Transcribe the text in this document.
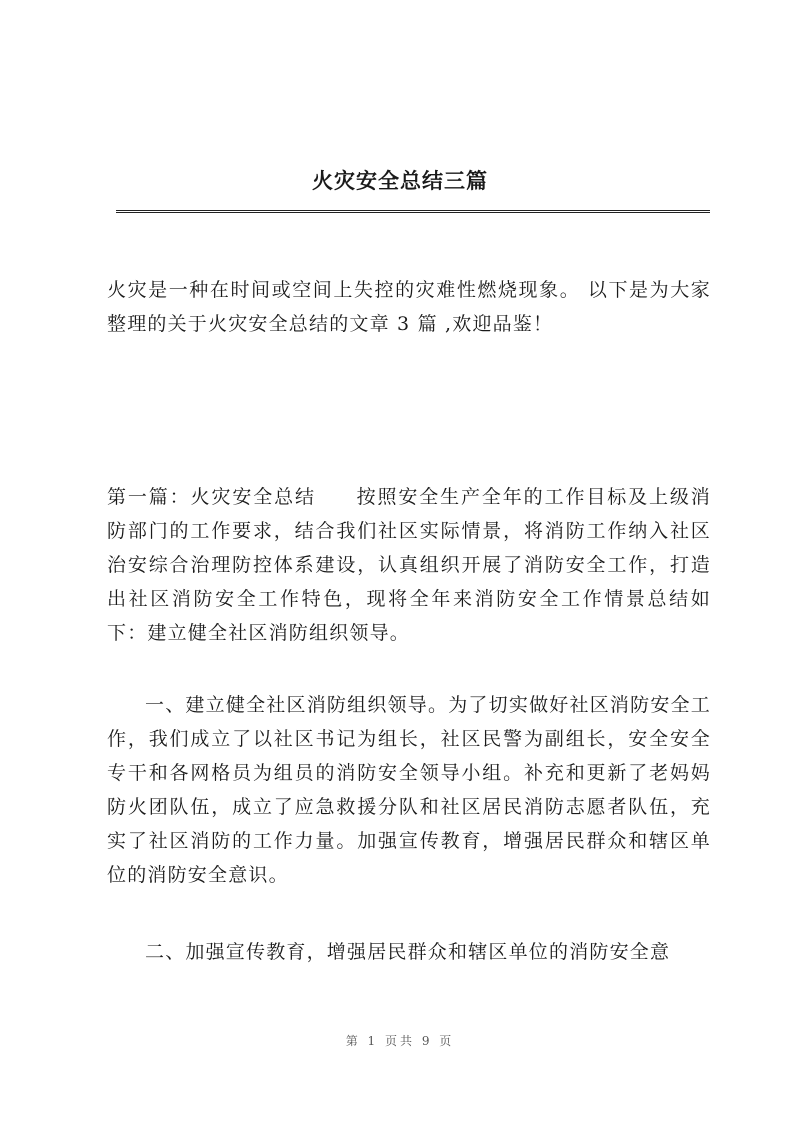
火灾安全总结三篇

火灾是一种在时间或空间上失控的灾难性燃烧现象。 以下是为大家整理的关于火灾安全总结的文章 3 篇 ,欢迎品鉴！

第一篇：火灾安全总结 按照安全生产全年的工作目标及上级消防部门的工作要求，结合我们社区实际情景，将消防工作纳入社区治安综合治理防控体系建设，认真组织开展了消防安全工作，打造出社区消防安全工作特色，现将全年来消防安全工作情景总结如下：建立健全社区消防组织领导。

一、建立健全社区消防组织领导。为了切实做好社区消防安全工作，我们成立了以社区书记为组长，社区民警为副组长，安全安全专干和各网格员为组员的消防安全领导小组。补充和更新了老妈妈防火团队伍，成立了应急救援分队和社区居民消防志愿者队伍，充实了社区消防的工作力量。加强宣传教育，增强居民群众和辖区单位的消防安全意识。

二、加强宣传教育，增强居民群众和辖区单位的消防安全意

第 1 页共 9 页
